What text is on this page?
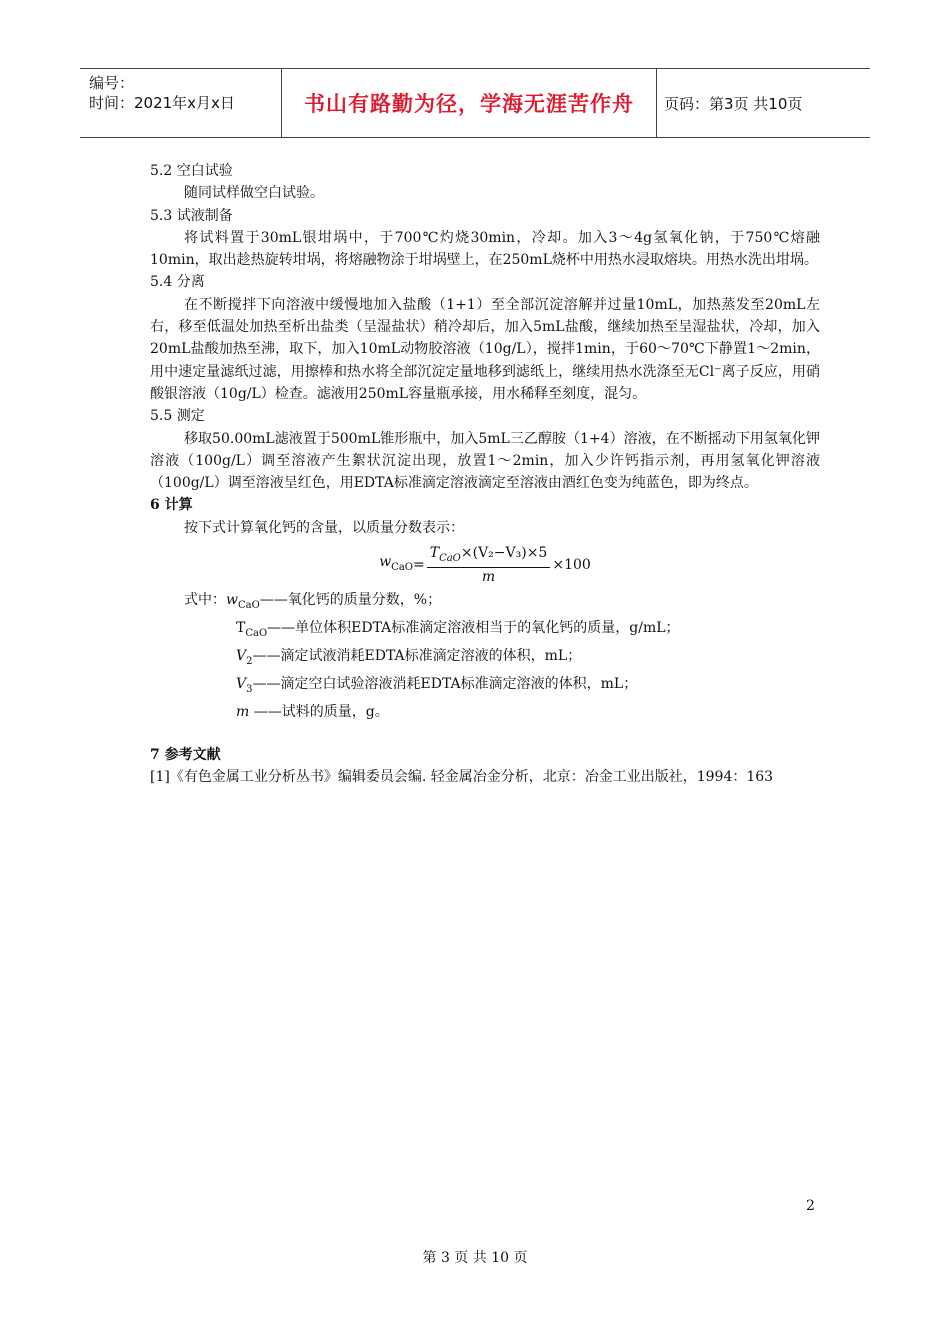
编号：
时间：2021年x月x日	书山有路勤为径，学海无涯苦作舟	页码：第3页 共10页
5.2 空白试验
随同试样做空白试验。
5.3 试液制备
将试料置于30mL银坩埚中，于700℃灼烧30min，冷却。加入3～4g氢氧化钠，于750℃熔融10min，取出趁热旋转坩埚，将熔融物涂于坩埚壁上，在250mL烧杯中用热水浸取熔块。用热水洗出坩埚。
5.4 分离
在不断搅拌下向溶液中缓慢地加入盐酸（1+1）至全部沉淀溶解并过量10mL，加热蒸发至20mL左右，移至低温处加热至析出盐类（呈湿盐状）稍冷却后，加入5mL盐酸，继续加热至呈湿盐状，冷却，加入20mL盐酸加热至沸，取下，加入10mL动物胶溶液（10g/L），搅拌1min，于60～70℃下静置1～2min，用中速定量滤纸过滤，用擦棒和热水将全部沉淀定量地移到滤纸上，继续用热水洗涤至无Cl⁻离子反应，用硝酸银溶液（10g/L）检查。滤液用250mL容量瓶承接，用水稀释至刻度，混匀。
5.5 测定
移取50.00mL滤液置于500mL锥形瓶中，加入5mL三乙醇胺（1+4）溶液，在不断摇动下用氢氧化钾溶液（100g/L）调至溶液产生絮状沉淀出现，放置1～2min，加入少许钙指示剂，再用氢氧化钾溶液（100g/L）调至溶液呈红色，用EDTA标准滴定溶液滴定至溶液由酒红色变为纯蓝色，即为终点。
6 计算
按下式计算氧化钙的含量，以质量分数表示：
$w_{CaO} = \frac{T_{CaO}\times(V_2-V_3)\times 5}{m} \times 100$
式中：$w_{CaO}——$氧化钙的质量分数，%；
$T_{CaO}——$单位体积EDTA标准滴定溶液相当于的氧化钙的质量，g/mL；
$V_2——$滴定试液消耗EDTA标准滴定溶液的体积，mL；
$V_3——$滴定空白试验溶液消耗EDTA标准滴定溶液的体积，mL；
m ——试料的质量，g。
7 参考文献
[1]《有色金属工业分析丛书》编辑委员会编. 轻金属冶金分析，北京：冶金工业出版社，1994：163
2
第 3 页 共 10 页
